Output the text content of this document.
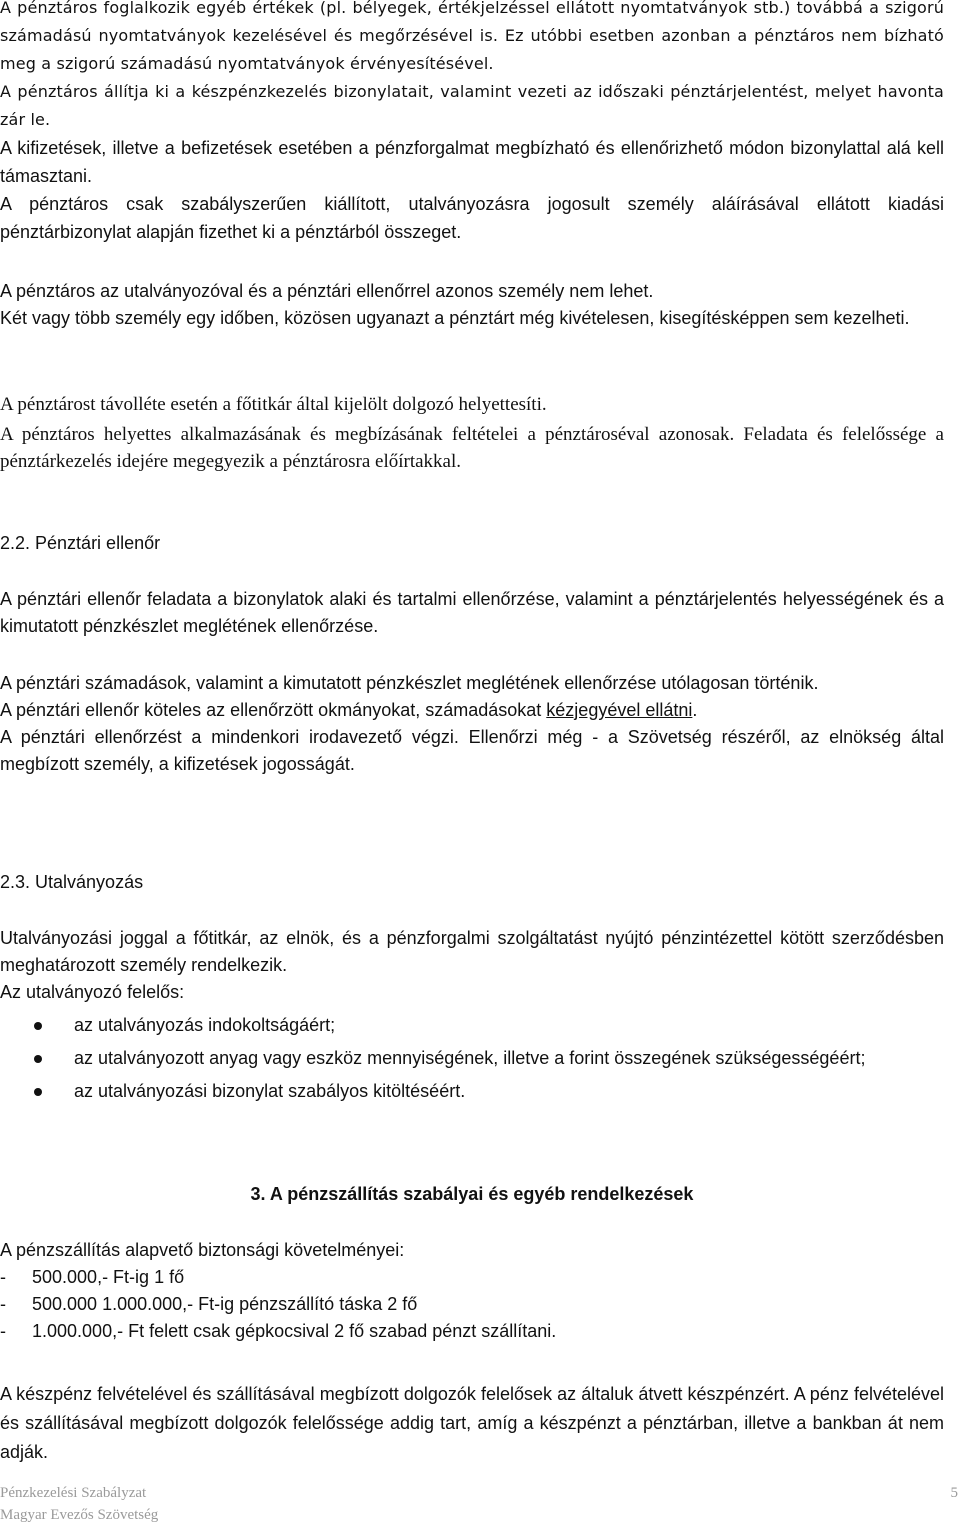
A pénztáros foglalkozik egyéb értékek (pl. bélyegek, értékjelzéssel ellátott nyomtatványok stb.) továbbá a szigorú számadású nyomtatványok kezelésével és megőrzésével is. Ez utóbbi esetben azonban a pénztáros nem bízható meg a szigorú számadású nyomtatványok érvényesítésével.

A pénztáros állítja ki a készpénzkezelés bizonylatait, valamint vezeti az időszaki pénztárjelentést, melyet havonta zár le.

A kifizetések, illetve a befizetések esetében a pénzforgalmat megbízható és ellenőrizhető módon bizonylattal alá kell támasztani.

A pénztáros csak szabályszerűen kiállított, utalványozásra jogosult személy aláírásával ellátott kiadási pénztárbizonylat alapján fizethet ki a pénztárból összeget.

A pénztáros az utalványozóval és a pénztári ellenőrrel azonos személy nem lehet.

Két vagy több személy egy időben, közösen ugyanazt a pénztárt még kivételesen, kisegítésképpen sem kezelheti.

A pénztárost távolléte esetén a főtitkár által kijelölt dolgozó helyettesíti.

A pénztáros helyettes alkalmazásának és megbízásának feltételei a pénztároséval azonosak. Feladata és felelőssége a pénztárkezelés idejére megegyezik a pénztárosra előírtakkal.

2.2. Pénztári ellenőr

A pénztári ellenőr feladata a bizonylatok alaki és tartalmi ellenőrzése, valamint a pénztárjelentés helyességének és a kimutatott pénzkészlet meglétének ellenőrzése.

A pénztári számadások, valamint a kimutatott pénzkészlet meglétének ellenőrzése utólagosan történik.

A pénztári ellenőr köteles az ellenőrzött okmányokat, számadásokat kézjegyével ellátni.

A pénztári ellenőrzést a mindenkori irodavezető végzi. Ellenőrzi még - a Szövetség részéről, az elnökség által megbízott személy, a kifizetések jogosságát.

2.3. Utalványozás

Utalványozási joggal a főtitkár, az elnök, és a pénzforgalmi szolgáltatást nyújtó pénzintézettel kötött szerződésben meghatározott személy rendelkezik.

Az utalványozó felelős:

az utalványozás indokoltságáért;
az utalványozott anyag vagy eszköz mennyiségének, illetve a forint összegének szükségességéért;
az utalványozási bizonylat szabályos kitöltéséért.

3. A pénzszállítás szabályai és egyéb rendelkezések

A pénzszállítás alapvető biztonsági követelményei:

- 500.000,- Ft-ig 1 fő

- 500.000 1.000.000,- Ft-ig pénzszállító táska 2 fő

- 1.000.000,- Ft felett csak gépkocsival 2 fő szabad pénzt szállítani.

A készpénz felvételével és szállításával megbízott dolgozók felelősek az általuk átvett készpénzért. A pénz felvételével és szállításával megbízott dolgozók felelőssége addig tart, amíg a készpénzt a pénztárban, illetve a bankban át nem adják.

Pénzkezelési Szabályzat
Magyar Evezős Szövetség
5
